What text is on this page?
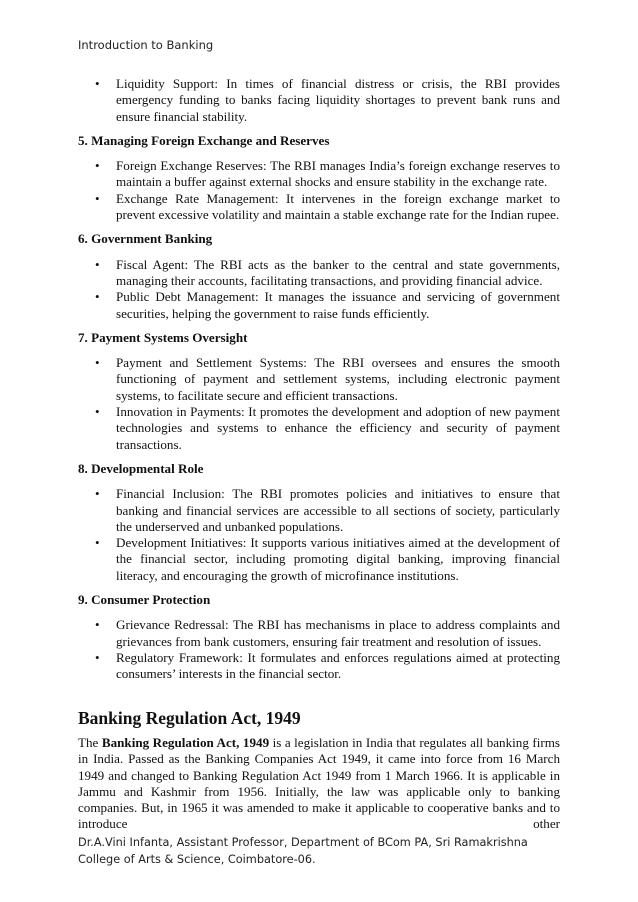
Introduction to Banking
• Liquidity Support: In times of financial distress or crisis, the RBI provides emergency funding to banks facing liquidity shortages to prevent bank runs and ensure financial stability.
5. Managing Foreign Exchange and Reserves
• Foreign Exchange Reserves: The RBI manages India’s foreign exchange reserves to maintain a buffer against external shocks and ensure stability in the exchange rate.
• Exchange Rate Management: It intervenes in the foreign exchange market to prevent excessive volatility and maintain a stable exchange rate for the Indian rupee.
6. Government Banking
• Fiscal Agent: The RBI acts as the banker to the central and state governments, managing their accounts, facilitating transactions, and providing financial advice.
• Public Debt Management: It manages the issuance and servicing of government securities, helping the government to raise funds efficiently.
7. Payment Systems Oversight
• Payment and Settlement Systems: The RBI oversees and ensures the smooth functioning of payment and settlement systems, including electronic payment systems, to facilitate secure and efficient transactions.
• Innovation in Payments: It promotes the development and adoption of new payment technologies and systems to enhance the efficiency and security of payment transactions.
8. Developmental Role
• Financial Inclusion: The RBI promotes policies and initiatives to ensure that banking and financial services are accessible to all sections of society, particularly the underserved and unbanked populations.
• Development Initiatives: It supports various initiatives aimed at the development of the financial sector, including promoting digital banking, improving financial literacy, and encouraging the growth of microfinance institutions.
9. Consumer Protection
• Grievance Redressal: The RBI has mechanisms in place to address complaints and grievances from bank customers, ensuring fair treatment and resolution of issues.
• Regulatory Framework: It formulates and enforces regulations aimed at protecting consumers’ interests in the financial sector.
Banking Regulation Act, 1949

The Banking Regulation Act, 1949 is a legislation in India that regulates all banking firms in India. Passed as the Banking Companies Act 1949, it came into force from 16 March 1949 and changed to Banking Regulation Act 1949 from 1 March 1966. It is applicable in Jammu and Kashmir from 1956. Initially, the law was applicable only to banking companies. But, in 1965 it was amended to make it applicable to cooperative banks and to introduce other

Dr.A.Vini Infanta, Assistant Professor, Department of BCom PA, Sri Ramakrishna College of Arts & Science, Coimbatore-06.
